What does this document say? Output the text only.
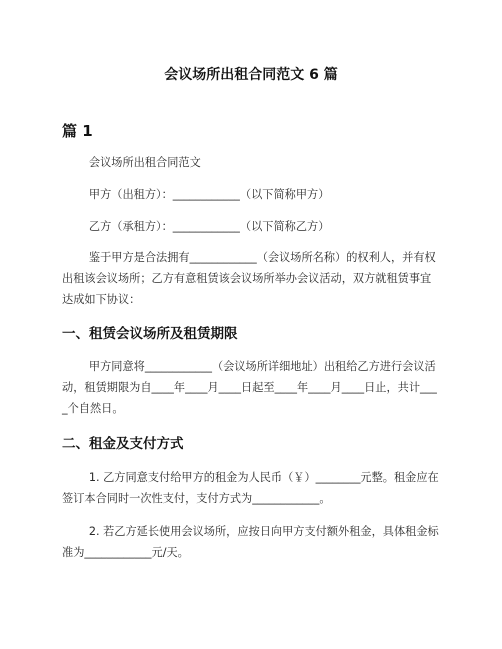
会议场所出租合同范文 6 篇
篇 1

会议场所出租合同范文

甲方（出租方）：____________（以下简称甲方）

乙方（承租方）：____________（以下简称乙方）

鉴于甲方是合法拥有____________（会议场所名称）的权利人，并有权出租该会议场所；乙方有意租赁该会议场所举办会议活动，双方就租赁事宜达成如下协议：

一、租赁会议场所及租赁期限

甲方同意将____________（会议场所详细地址）出租给乙方进行会议活动，租赁期限为自____年____月____日起至____年____月____日止，共计____个自然日。

二、租金及支付方式

1. 乙方同意支付给甲方的租金为人民币（￥）________元整。租金应在签订本合同时一次性支付，支付方式为____________。

2. 若乙方延长使用会议场所，应按日向甲方支付额外租金，具体租金标准为____________元/天。
